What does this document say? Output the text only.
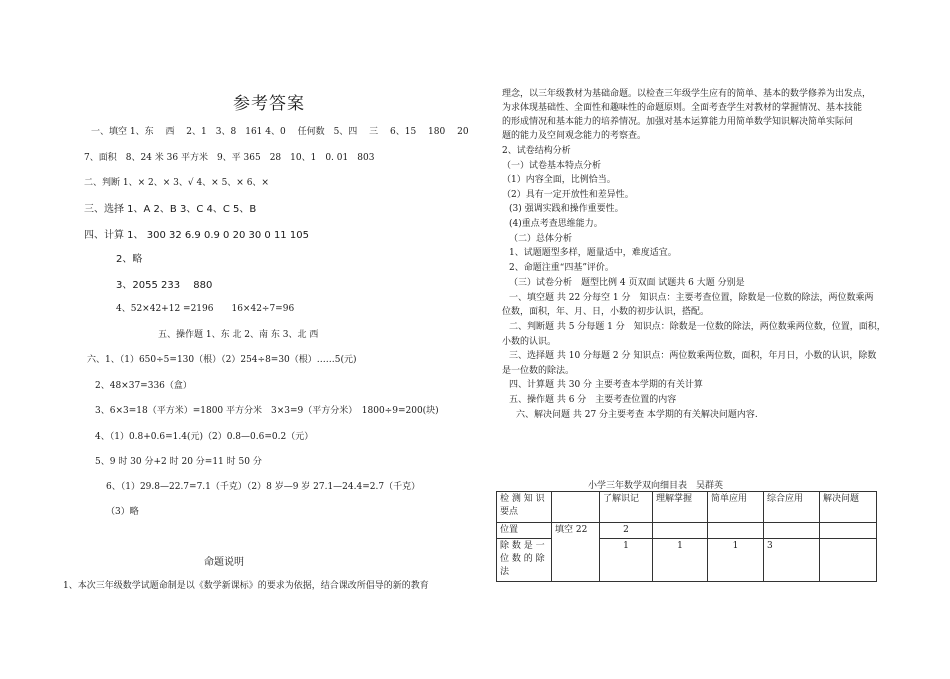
参考答案
一、填空 1、东　 西　 2、1　3、8　161 4、0　 任何数　5、四　 三　 6、15　 180　 20
7、面积　8、24 米 36 平方米　9、平 365　28　10、1　0. 01　803
二、判断 1、× 2、× 3、√ 4、× 5、× 6、×
三、选择 1、A 2、B 3、C 4、C 5、B
四、计算 1、 300 32 6.9 0.9 0 20 30 0 11 105
2、略
3、2055 233　 880
4、52×42+12 =2196　　16×42÷7=96
五、操作题 1、东 北 2、南 东 3、北 西
六、1、（1）650÷5=130（根）（2）254÷8=30（根）……5(元)
2、48×37=336（盒）
3、6×3=18（平方米）=1800 平方分米　3×3=9（平方分米）　1800÷9=200(块)
4、（1）0.8+0.6=1.4(元)（2）0.8—0.6=0.2（元）
5、9 时 30 分+2 时 20 分=11 时 50 分
6、（1）29.8—22.7=7.1（千克）（2）8 岁—9 岁 27.1—24.4=2.7（千克）
（3）略
命题说明
1、本次三年级数学试题命制是以《数学新课标》的要求为依据，结合课改所倡导的新的教育
理念，以三年级教材为基础命题。以检查三年级学生应有的简单、基本的数学修养为出发点，
为求体现基础性、全面性和趣味性的命题原则。全面考查学生对教材的掌握情况、基本技能
的形成情况和基本能力的培养情况。加强对基本运算能力用简单数学知识解决简单实际问
题的能力及空间观念能力的考察查。
2、试卷结构分析
（一）试卷基本特点分析
（1）内容全面，比例恰当。
（2）具有一定开放性和差异性。
(3) 强调实践和操作重要性。
(4)重点考查思维能力。
（二）总体分析
1、试题题型多样，题量适中，难度适宜。
2、命题注重“四基”评价。
（三）试卷分析　题型比例 4 页双面 试题共 6 大题 分别是
一、填空题 共 22 分每空 1 分　知识点：主要考查位置，除数是一位数的除法，两位数乘两
位数，面积，年、月、日，小数的初步认识，搭配。
二、判断题 共 5 分每题 1 分　知识点：除数是一位数的除法，两位数乘两位数，位置，面积，
小数的认识。
三、选择题 共 10 分每题 2 分 知识点：两位数乘两位数，面积，年月日，小数的认识，除数
是一位数的除法。
四、计算题 共 30 分 主要考查本学期的有关计算
五、操作题 共 6 分　主要考查位置的内容
六、解决问题 共 27 分主要考查 本学期的有关解决问题内容.
小学三年数学双向细目表　吴群英
检 测 知 识 要点		了解识记	理解掌握	简单应用	综合应用	解决问题
位置	填空 22	2				
除 数 是 一 位 数 的 除 法		1	1	1	3	
